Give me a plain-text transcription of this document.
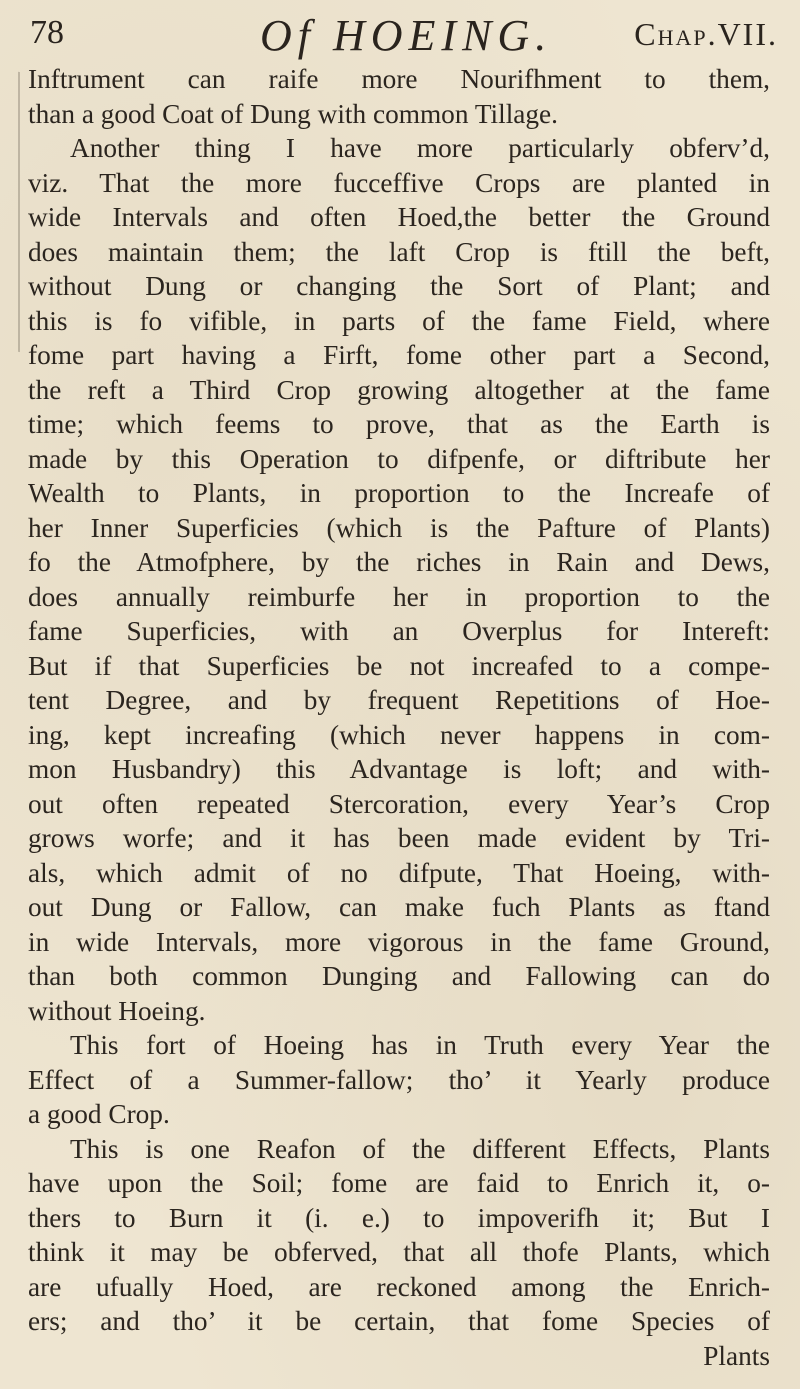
78	Of HOEING.	Chap.VII.
Inftrument can raife more Nourifhment to them,
than a good Coat of Dung with common Tillage.
Another thing I have more particularly obferv’d,
viz. That the more fucceffive Crops are planted in
wide Intervals and often Hoed,the better the Ground
does maintain them; the laft Crop is ftill the beft,
without Dung or changing the Sort of Plant; and
this is fo vifible, in parts of the fame Field, where
fome part having a Firft, fome other part a Second,
the reft a Third Crop growing altogether at the fame
time; which feems to prove, that as the Earth is
made by this Operation to difpenfe, or diftribute her
Wealth to Plants, in proportion to the Increafe of
her Inner Superficies (which is the Pafture of Plants)
fo the Atmofphere, by the riches in Rain and Dews,
does annually reimburfe her in proportion to the
fame Superficies, with an Overplus for Intereft:
But if that Superficies be not increafed to a compe-
tent Degree, and by frequent Repetitions of Hoe-
ing, kept increafing (which never happens in com-
mon Husbandry) this Advantage is loft; and with-
out often repeated Stercoration, every Year’s Crop
grows worfe; and it has been made evident by Tri-
als, which admit of no difpute, That Hoeing, with-
out Dung or Fallow, can make fuch Plants as ftand
in wide Intervals, more vigorous in the fame Ground,
than both common Dunging and Fallowing can do
without Hoeing.
This fort of Hoeing has in Truth every Year the
Effect of a Summer-fallow; tho’ it Yearly produce
a good Crop.
This is one Reafon of the different Effects, Plants
have upon the Soil; fome are faid to Enrich it, o-
thers to Burn it (i. e.) to impoverifh it; But I
think it may be obferved, that all thofe Plants, which
are ufually Hoed, are reckoned among the Enrich-
ers; and tho’ it be certain, that fome Species of
Plants
